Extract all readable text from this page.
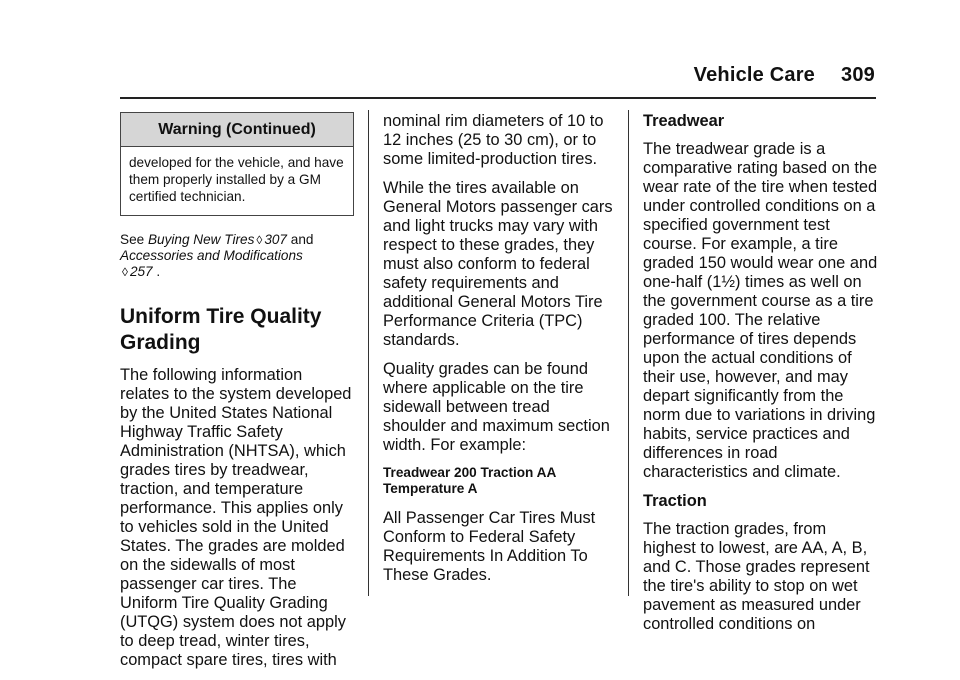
Vehicle Care 309
Warning (Continued)
developed for the vehicle, and have them properly installed by a GM certified technician.
See Buying New Tires ◊ 307 and
Accessories and Modifications
◊ 257 .
Uniform Tire Quality Grading

The following information relates to the system developed by the United States National Highway Traffic Safety Administration (NHTSA), which grades tires by treadwear, traction, and temperature performance. This applies only to vehicles sold in the United States. The grades are molded on the sidewalls of most passenger car tires. The Uniform Tire Quality Grading (UTQG) system does not apply to deep tread, winter tires, compact spare tires, tires with

nominal rim diameters of 10 to 12 inches (25 to 30 cm), or to some limited-production tires.

While the tires available on General Motors passenger cars and light trucks may vary with respect to these grades, they must also conform to federal safety requirements and additional General Motors Tire Performance Criteria (TPC) standards.

Quality grades can be found where applicable on the tire sidewall between tread shoulder and maximum section width. For example:

Treadwear 200 Traction AA Temperature A

All Passenger Car Tires Must Conform to Federal Safety Requirements In Addition To These Grades.

Treadwear

The treadwear grade is a comparative rating based on the wear rate of the tire when tested under controlled conditions on a specified government test course. For example, a tire graded 150 would wear one and one-half (1½) times as well on the government course as a tire graded 100. The relative performance of tires depends upon the actual conditions of their use, however, and may depart significantly from the norm due to variations in driving habits, service practices and differences in road characteristics and climate.

Traction

The traction grades, from highest to lowest, are AA, A, B, and C. Those grades represent the tire's ability to stop on wet pavement as measured under controlled conditions on
